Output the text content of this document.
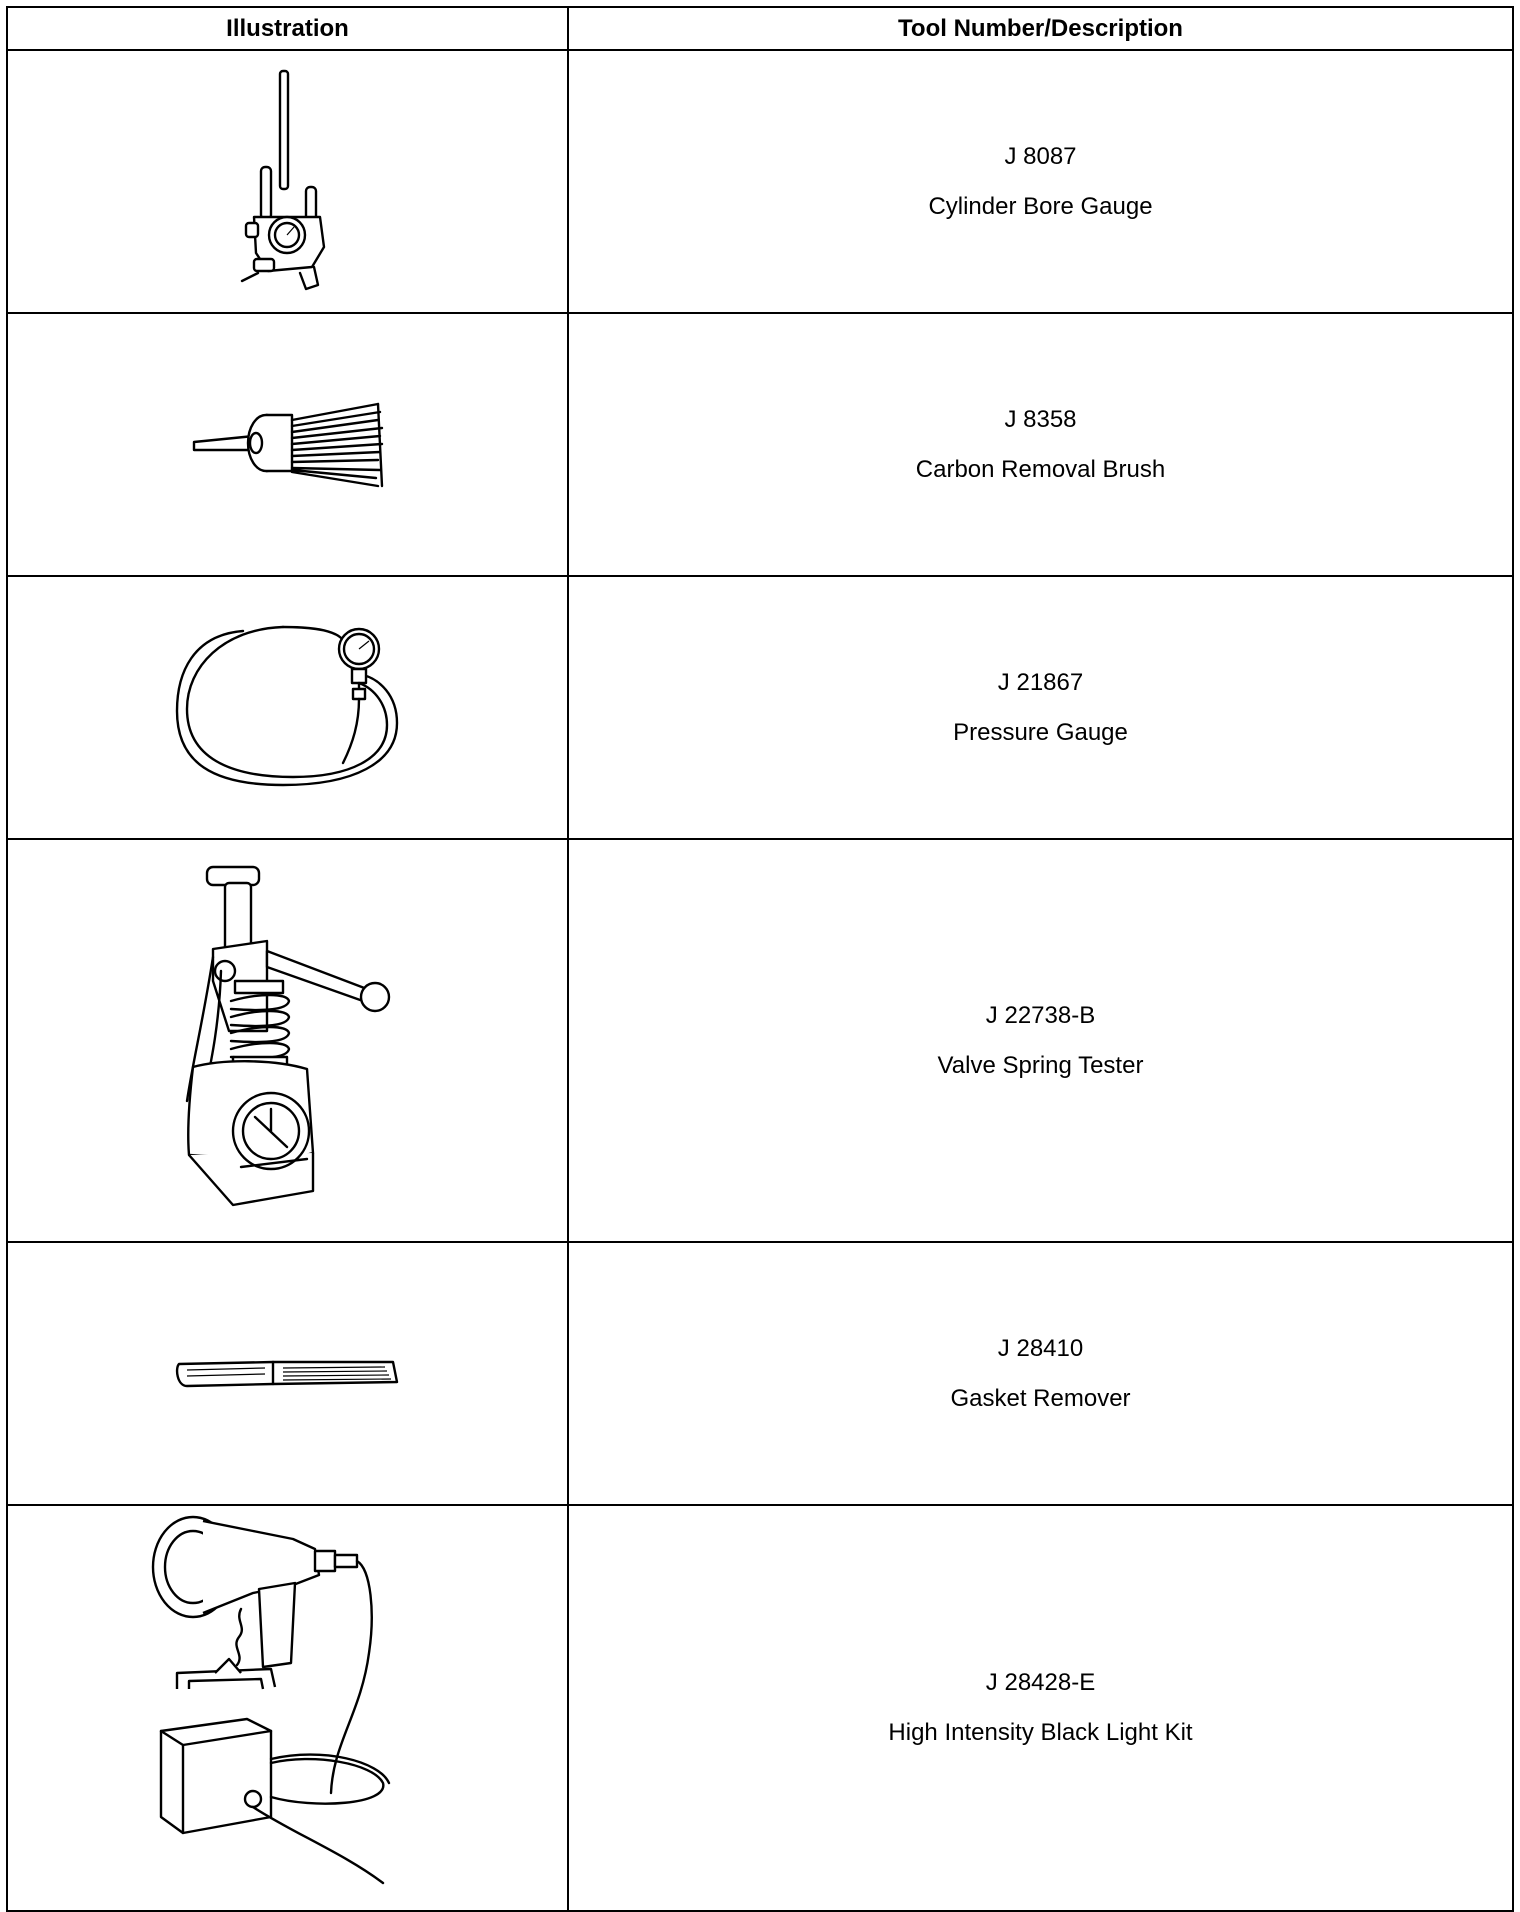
Illustration	Tool Number/Description

J 8087
Cylinder Bore Gauge

J 8358
Carbon Removal Brush

J 21867
Pressure Gauge

J 22738-B
Valve Spring Tester

J 28410
Gasket Remover

J 28428-E
High Intensity Black Light Kit
